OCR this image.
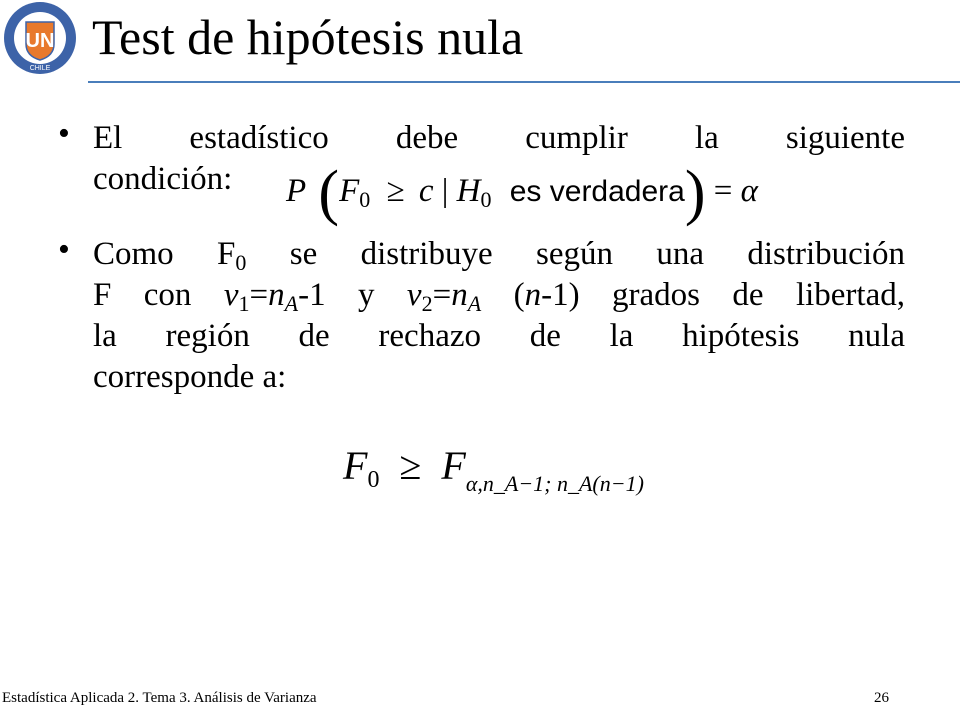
UN
CHILE
Test de hipótesis nula
• El estadístico debe cumplir la siguiente
condición:	P ($F_0 \ge c$ | $H_0$ es verdadera) = α
• Como $F_0$ se distribuye según una distribución
F con $v_1=n_A-1$ y $v_2=n_A$ (n-1) grados de libertad,
la región de rechazo de la hipótesis nula
corresponde a:
$F_0 \ge F_{\alpha,n\_A-1; n\_A(n-1)}$
Estadística Aplicada 2. Tema 3. Análisis de Varianza	26
